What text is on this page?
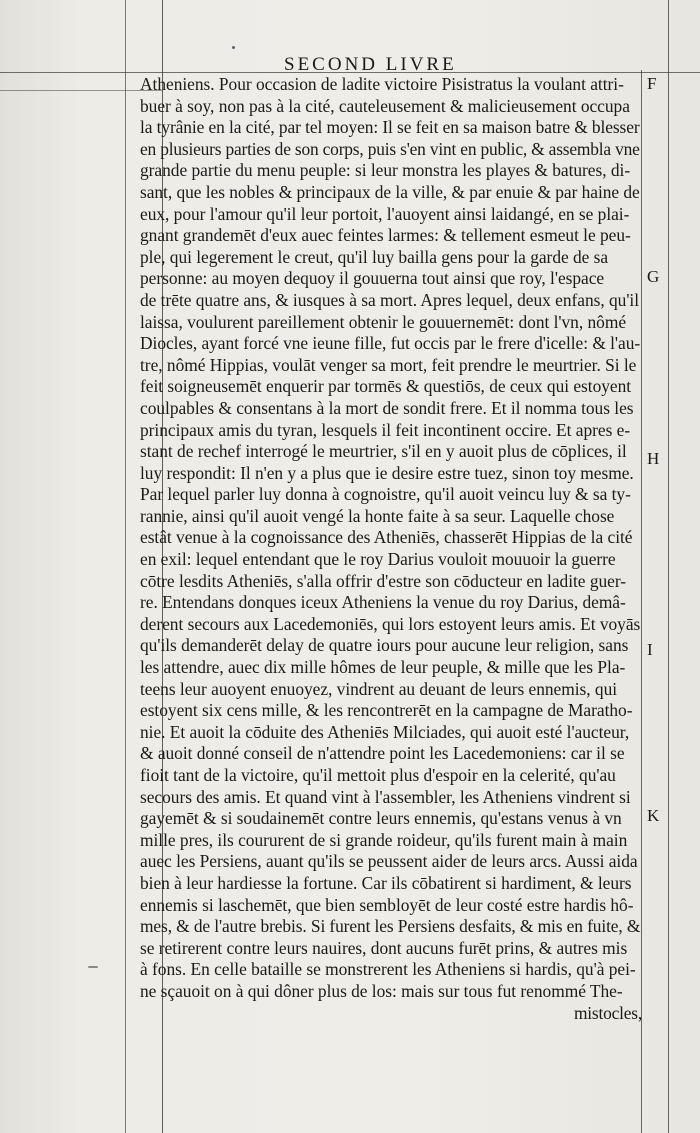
SECOND LIVRE
F
G
H
I
K
Atheniens. Pour occasion de ladite victoire Pisistratus la voulant attri-
buer à soy, non pas à la cité, cauteleusement & malicieusement occupa
la tyrânie en la cité, par tel moyen: Il se feit en sa maison batre & blesser
en plusieurs parties de son corps, puis s'en vint en public, & assembla vne
grande partie du menu peuple: si leur monstra les playes & batures, di-
sant, que les nobles & principaux de la ville, & par enuie & par haine de
eux, pour l'amour qu'il leur portoit, l'auoyent ainsi laidangé, en se plai-
gnant grandemēt d'eux auec feintes larmes: & tellement esmeut le peu-
ple, qui legerement le creut, qu'il luy bailla gens pour la garde de sa
personne: au moyen dequoy il gouuerna tout ainsi que roy, l'espace
de trēte quatre ans, & iusques à sa mort. Apres lequel, deux enfans, qu'il
laissa, voulurent pareillement obtenir le gouuernemēt: dont l'vn, nômé
Diocles, ayant forcé vne ieune fille, fut occis par le frere d'icelle: & l'au-
tre, nômé Hippias, voulāt venger sa mort, feit prendre le meurtrier. Si le
feit soigneusemēt enquerir par tormēs & questiōs, de ceux qui estoyent
coulpables & consentans à la mort de sondit frere. Et il nomma tous les
principaux amis du tyran, lesquels il feit incontinent occire. Et apres e-
stant de rechef interrogé le meurtrier, s'il en y auoit plus de cōplices, il
luy respondit: Il n'en y a plus que ie desire estre tuez, sinon toy mesme.
Par lequel parler luy donna à cognoistre, qu'il auoit veincu luy & sa ty-
rannie, ainsi qu'il auoit vengé la honte faite à sa seur. Laquelle chose
estât venue à la cognoissance des Atheniēs, chasserēt Hippias de la cité
en exil: lequel entendant que le roy Darius vouloit mouuoir la guerre
cōtre lesdits Atheniēs, s'alla offrir d'estre son cōducteur en ladite guer-
re. Entendans donques iceux Atheniens la venue du roy Darius, demâ-
derent secours aux Lacedemoniēs, qui lors estoyent leurs amis. Et voyās
qu'ils demanderēt delay de quatre iours pour aucune leur religion, sans
les attendre, auec dix mille hômes de leur peuple, & mille que les Pla-
teens leur auoyent enuoyez, vindrent au deuant de leurs ennemis, qui
estoyent six cens mille, & les rencontrerēt en la campagne de Maratho-
nie. Et auoit la cōduite des Atheniēs Milciades, qui auoit esté l'aucteur,
& auoit donné conseil de n'attendre point les Lacedemoniens: car il se
fioit tant de la victoire, qu'il mettoit plus d'espoir en la celerité, qu'au
secours des amis. Et quand vint à l'assembler, les Atheniens vindrent si
gayemēt & si soudainemēt contre leurs ennemis, qu'estans venus à vn
mille pres, ils coururent de si grande roideur, qu'ils furent main à main
auec les Persiens, auant qu'ils se peussent aider de leurs arcs. Aussi aida
bien à leur hardiesse la fortune. Car ils cōbatirent si hardiment, & leurs
ennemis si laschemēt, que bien sembloyēt de leur costé estre hardis hô-
mes, & de l'autre brebis. Si furent les Persiens desfaits, & mis en fuite, &
se retirerent contre leurs nauires, dont aucuns furēt prins, & autres mis
à fons. En celle bataille se monstrerent les Atheniens si hardis, qu'à pei-
ne sçauoit on à qui dôner plus de los: mais sur tous fut renommé The-
mistocles,
